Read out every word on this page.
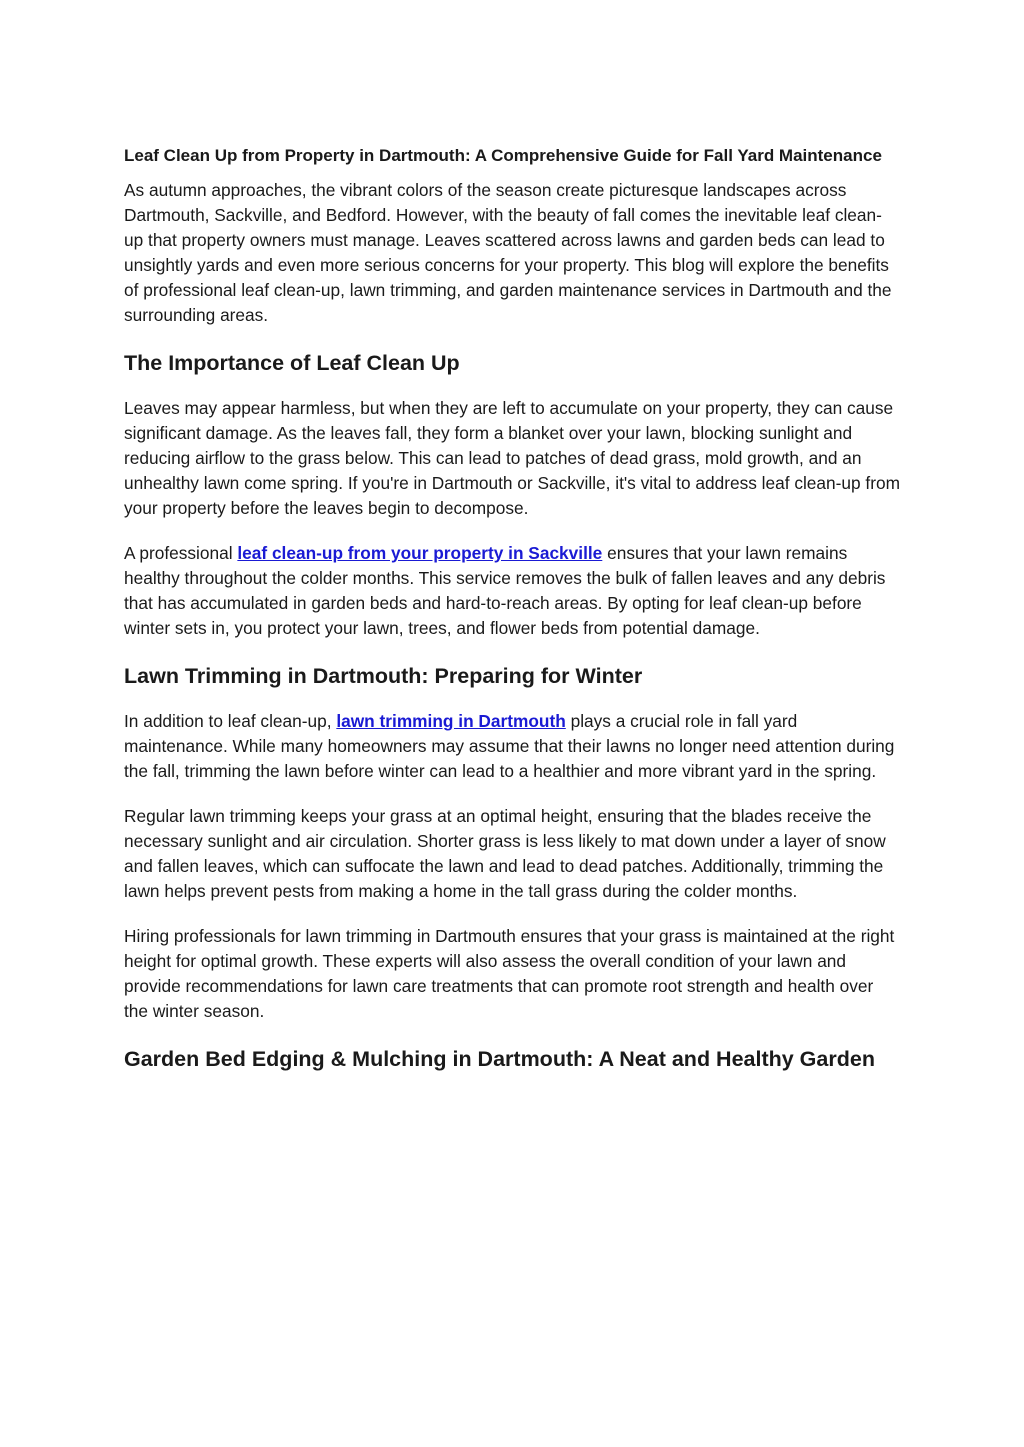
Leaf Clean Up from Property in Dartmouth: A Comprehensive Guide for Fall Yard Maintenance

As autumn approaches, the vibrant colors of the season create picturesque landscapes across Dartmouth, Sackville, and Bedford. However, with the beauty of fall comes the inevitable leaf clean-up that property owners must manage. Leaves scattered across lawns and garden beds can lead to unsightly yards and even more serious concerns for your property. This blog will explore the benefits of professional leaf clean-up, lawn trimming, and garden maintenance services in Dartmouth and the surrounding areas.

The Importance of Leaf Clean Up

Leaves may appear harmless, but when they are left to accumulate on your property, they can cause significant damage. As the leaves fall, they form a blanket over your lawn, blocking sunlight and reducing airflow to the grass below. This can lead to patches of dead grass, mold growth, and an unhealthy lawn come spring. If you're in Dartmouth or Sackville, it's vital to address leaf clean-up from your property before the leaves begin to decompose.

A professional leaf clean-up from your property in Sackville ensures that your lawn remains healthy throughout the colder months. This service removes the bulk of fallen leaves and any debris that has accumulated in garden beds and hard-to-reach areas. By opting for leaf clean-up before winter sets in, you protect your lawn, trees, and flower beds from potential damage.

Lawn Trimming in Dartmouth: Preparing for Winter

In addition to leaf clean-up, lawn trimming in Dartmouth plays a crucial role in fall yard maintenance. While many homeowners may assume that their lawns no longer need attention during the fall, trimming the lawn before winter can lead to a healthier and more vibrant yard in the spring.

Regular lawn trimming keeps your grass at an optimal height, ensuring that the blades receive the necessary sunlight and air circulation. Shorter grass is less likely to mat down under a layer of snow and fallen leaves, which can suffocate the lawn and lead to dead patches. Additionally, trimming the lawn helps prevent pests from making a home in the tall grass during the colder months.

Hiring professionals for lawn trimming in Dartmouth ensures that your grass is maintained at the right height for optimal growth. These experts will also assess the overall condition of your lawn and provide recommendations for lawn care treatments that can promote root strength and health over the winter season.

Garden Bed Edging & Mulching in Dartmouth: A Neat and Healthy Garden
